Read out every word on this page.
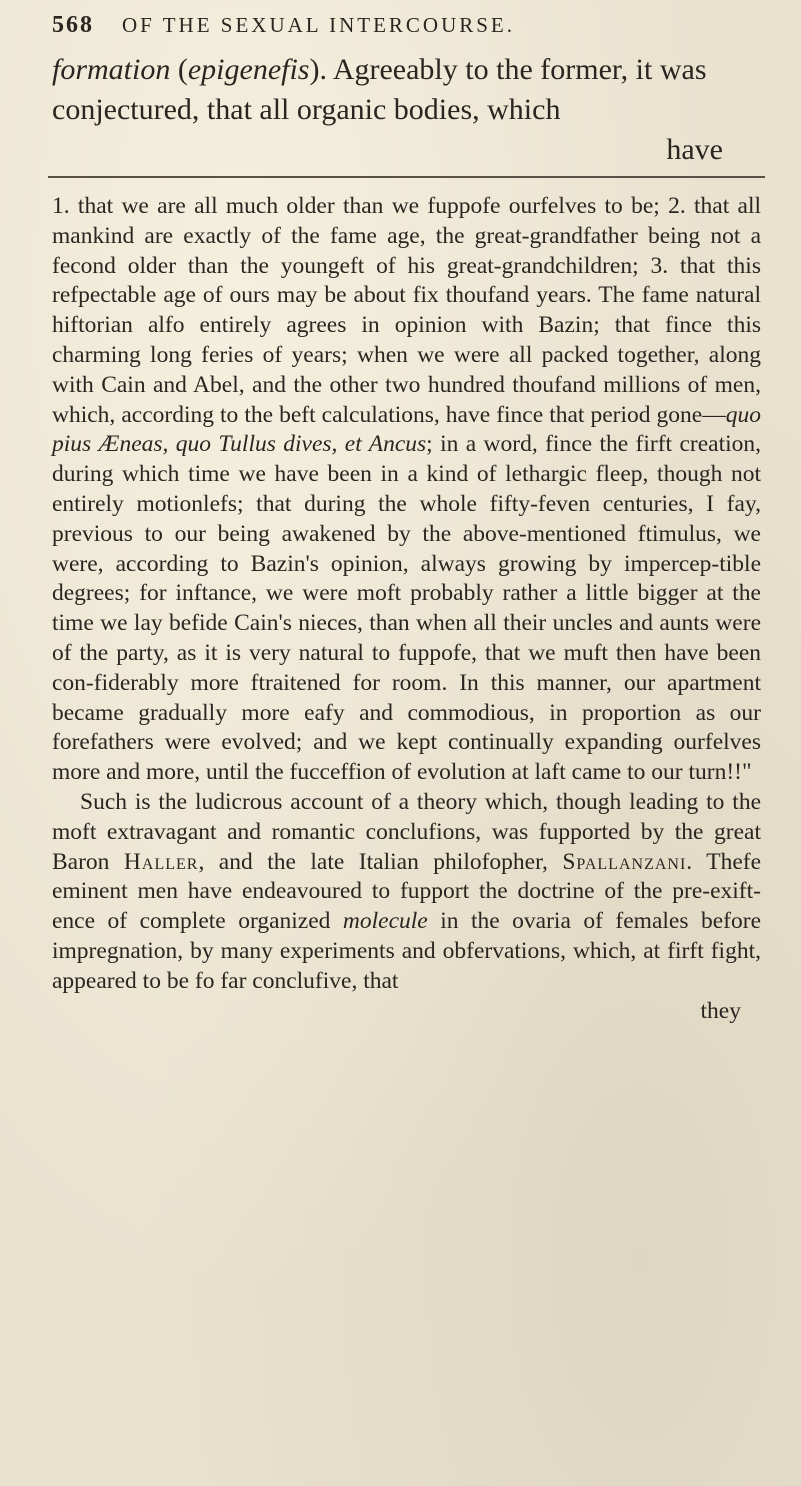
568 OF THE SEXUAL INTERCOURSE.

formation (epigenefis). Agreeably to the former, it was conjectured, that all organic bodies, which

have

1. that we are all much older than we fuppofe ourfelves to be; 2. that all mankind are exactly of the fame age, the great-grandfather being not a fecond older than the youngeft of his great-grandchildren; 3. that this refpectable age of ours may be about fix thoufand years. The fame natural hiftorian alfo entirely agrees in opinion with Bazin; that fince this charming long feries of years; when we were all packed together, along with Cain and Abel, and the other two hundred thoufand millions of men, which, according to the beft calculations, have fince that period gone—quo pius Æneas, quo Tullus dives, et Ancus; in a word, fince the firft creation, during which time we have been in a kind of lethargic fleep, though not entirely motionlefs; that during the whole fifty-feven centuries, I fay, previous to our being awakened by the above-mentioned ftimulus, we were, according to Bazin's opinion, always growing by impercep-tible degrees; for inftance, we were moft probably rather a little bigger at the time we lay befide Cain's nieces, than when all their uncles and aunts were of the party, as it is very natural to fuppofe, that we muft then have been con-fiderably more ftraitened for room. In this manner, our apartment became gradually more eafy and commodious, in proportion as our forefathers were evolved; and we kept continually expanding ourfelves more and more, until the fucceffion of evolution at laft came to our turn!!"

Such is the ludicrous account of a theory which, though leading to the moft extravagant and romantic conclufions, was fupported by the great Baron Haller, and the late Italian philofopher, Spallanzani. Thefe eminent men have endeavoured to fupport the doctrine of the pre-exift-ence of complete organized molecule in the ovaria of females before impregnation, by many experiments and obfervations, which, at firft fight, appeared to be fo far conclufive, that

they
